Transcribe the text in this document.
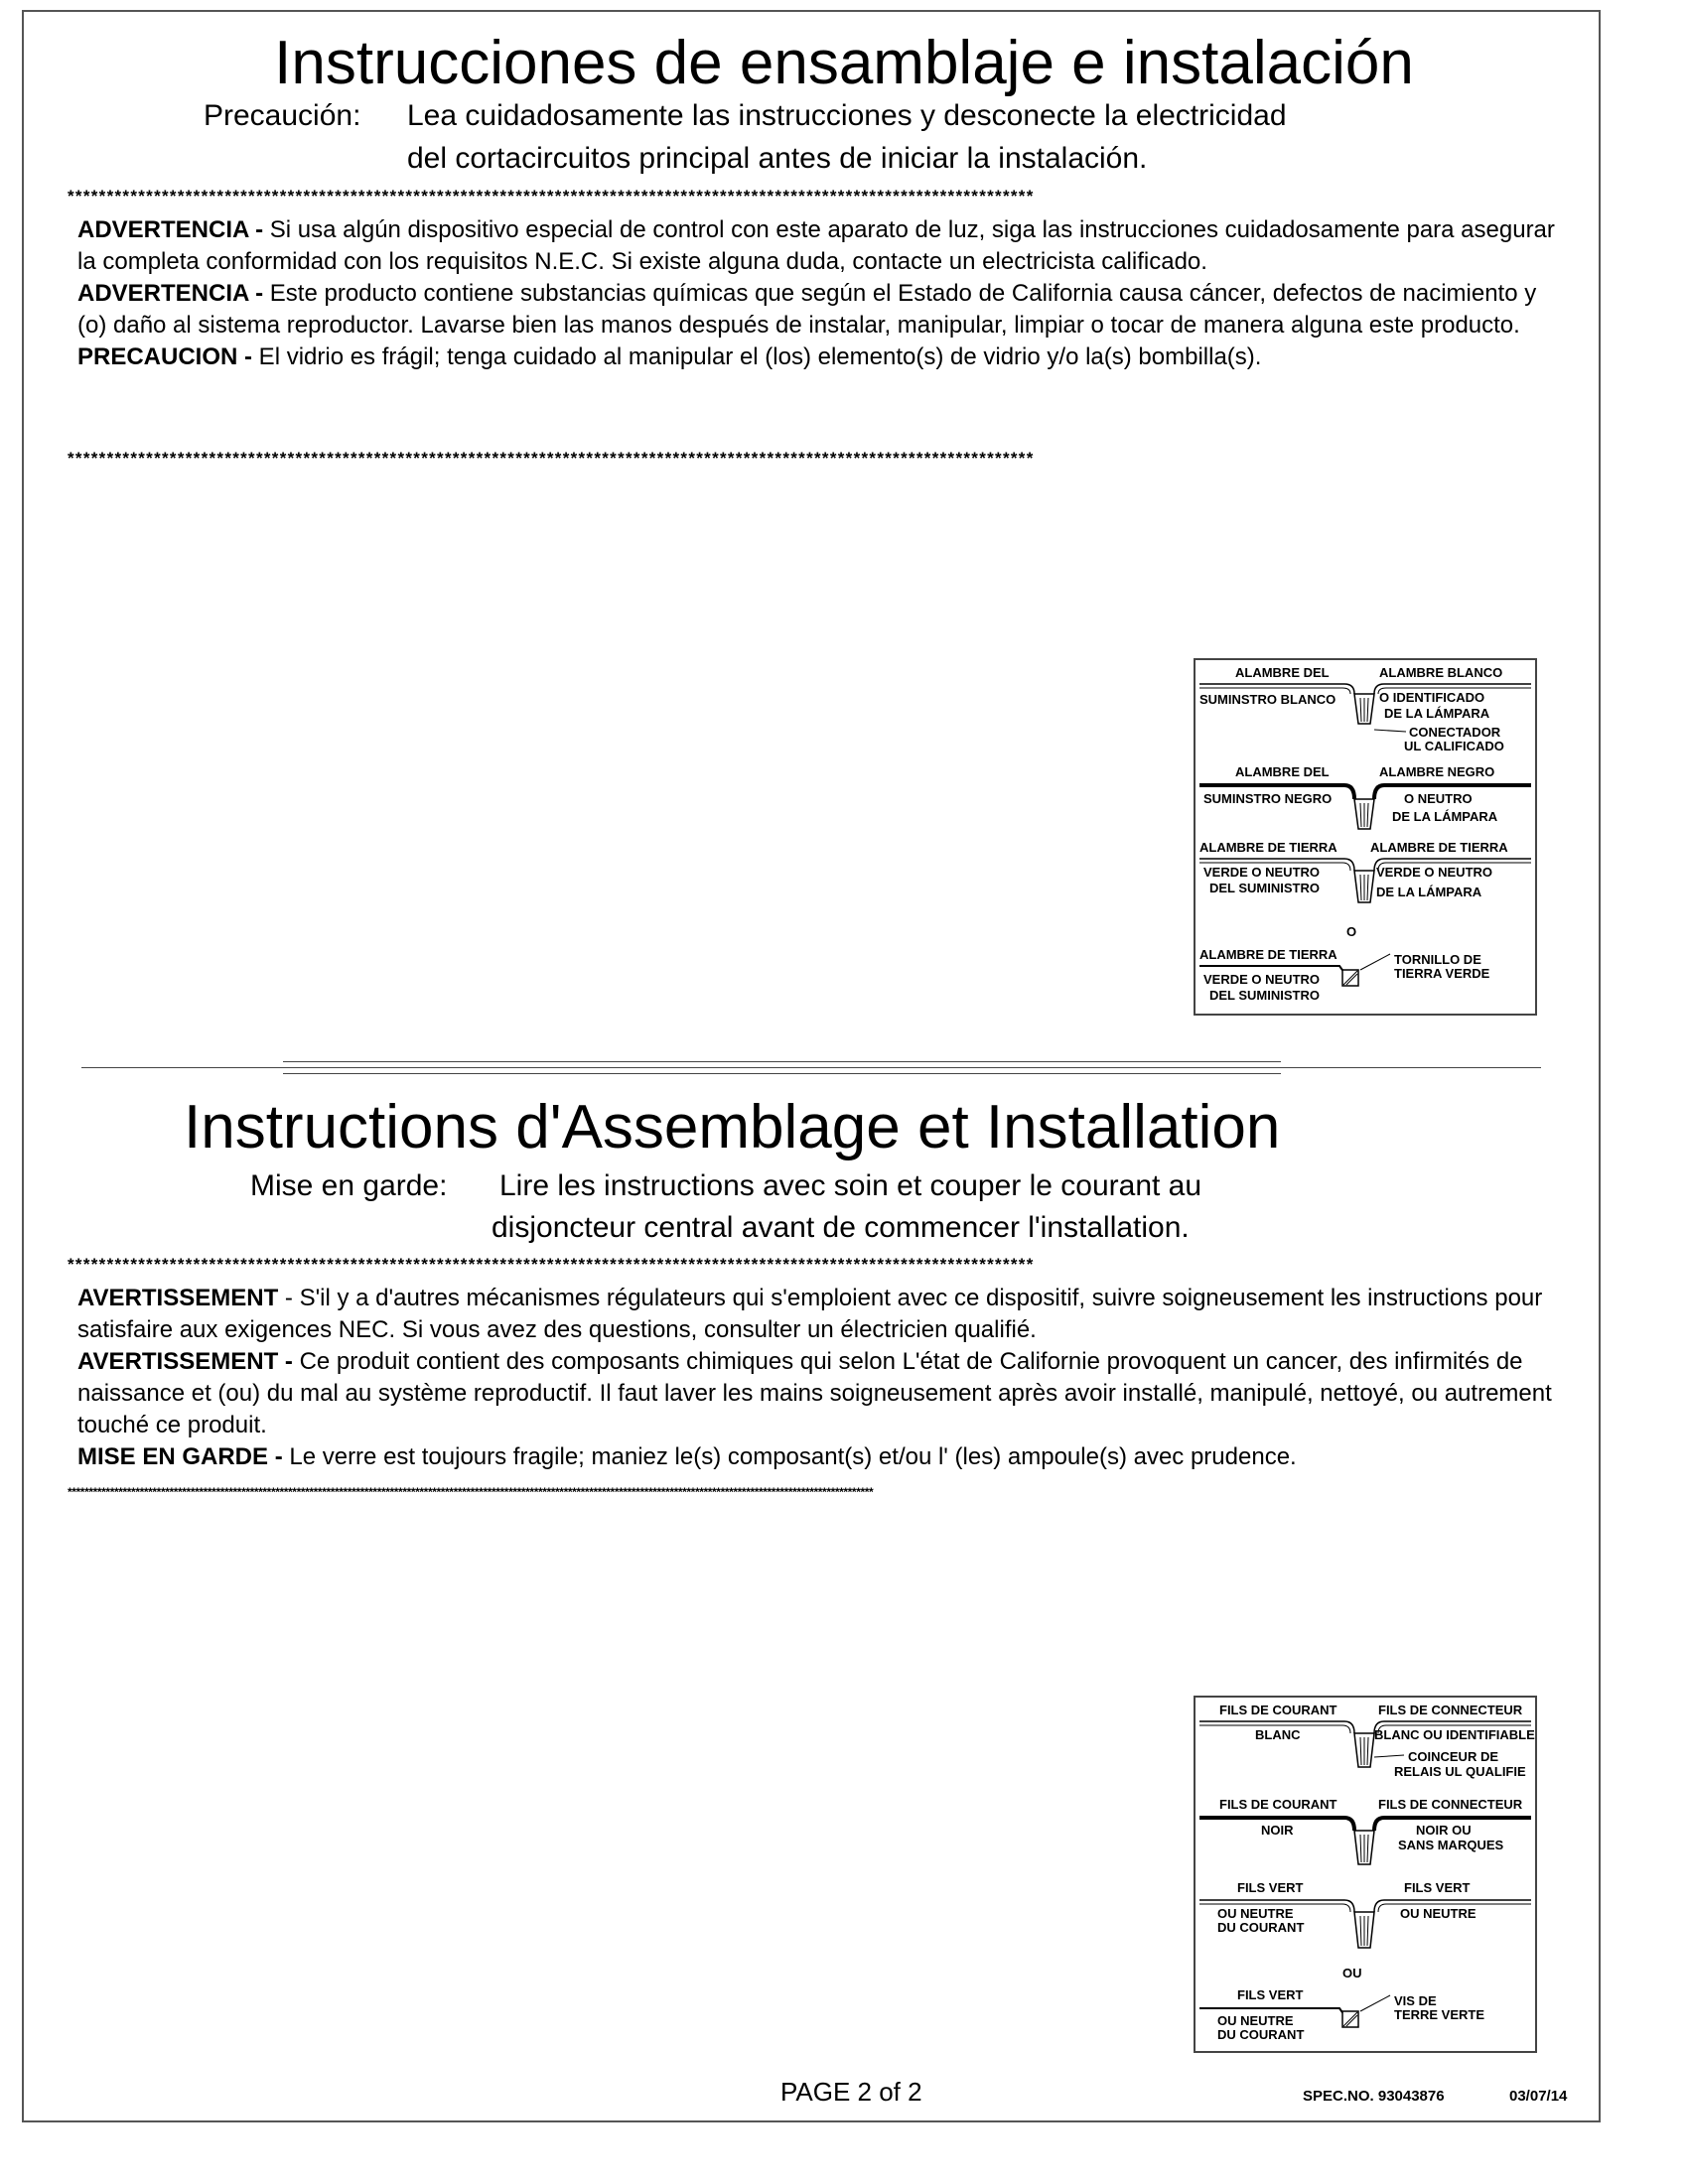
Instrucciones de ensamblaje e instalación
Precaución: Lea cuidadosamente las instrucciones y desconecte la electricidad
del cortacircuitos principal antes de iniciar la instalación.
***************************************************************************************************************************

ADVERTENCIA - Si usa algún dispositivo especial de control con este aparato de luz, siga las instrucciones cuidadosamente para asegurar la completa conformidad con los requisitos N.E.C. Si existe alguna duda, contacte un electricista calificado.

ADVERTENCIA - Este producto contiene substancias químicas que según el Estado de California causa cáncer, defectos de nacimiento y (o) daño al sistema reproductor. Lavarse bien las manos después de instalar, manipular, limpiar o tocar de manera alguna este producto.

PRECAUCION - El vidrio es frágil; tenga cuidado al manipular el (los) elemento(s) de vidrio y/o la(s) bombilla(s).

***************************************************************************************************************************
ALAMBRE DEL
SUMINSTRO BLANCO
ALAMBRE BLANCO
O IDENTIFICADO
DE LA LÁMPARA
CONECTADOR
UL CALIFICADO
ALAMBRE DEL
SUMINSTRO NEGRO
ALAMBRE NEGRO
O NEUTRO
DE LA LÁMPARA
ALAMBRE DE TIERRA
VERDE O NEUTRO
DEL SUMINISTRO
ALAMBRE DE TIERRA
VERDE O NEUTRO
DE LA LÁMPARA
O
ALAMBRE DE TIERRA
VERDE O NEUTRO
DEL SUMINISTRO
TORNILLO DE
TIERRA VERDE
Instructions d'Assemblage et Installation
Mise en garde: Lire les instructions avec soin et couper le courant au
disjoncteur central avant de commencer l'installation.
***************************************************************************************************************************

AVERTISSEMENT - S'il y a d'autres mécanismes régulateurs qui s'emploient avec ce dispositif, suivre soigneusement les instructions pour satisfaire aux exigences NEC. Si vous avez des questions, consulter un électricien qualifié.

AVERTISSEMENT - Ce produit contient des composants chimiques qui selon L'état de Californie provoquent un cancer, des infirmités de naissance et (ou) du mal au système reproductif. Il faut laver les mains soigneusement après avoir installé, manipulé, nettoyé, ou autrement touché ce produit.

MISE EN GARDE - Le verre est toujours fragile; maniez le(s) composant(s) et/ou l' (les) ampoule(s) avec prudence.

**********************************************************************************************************************************************************************************************
FILS DE COURANT
BLANC
FILS DE CONNECTEUR
BLANC OU IDENTIFIABLE
COINCEUR DE
RELAIS UL QUALIFIE
FILS DE COURANT
NOIR
FILS DE CONNECTEUR
NOIR OU
SANS MARQUES
FILS VERT
OU NEUTRE
DU COURANT
FILS VERT
OU NEUTRE
OU
FILS VERT
OU NEUTRE
DU COURANT
VIS DE
TERRE VERTE
PAGE 2 of 2	SPEC.NO. 93043876	03/07/14
